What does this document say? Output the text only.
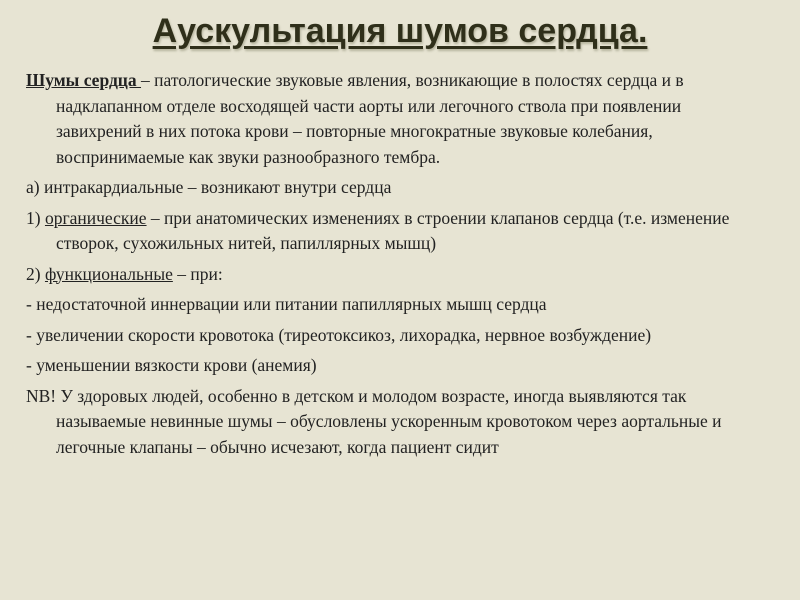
Аускультация шумов сердца.

Шумы сердца – патологические звуковые явления, возникающие в полостях сердца и в надклапанном отделе восходящей части аорты или легочного ствола при появлении завихрений в них потока крови – повторные многократные звуковые колебания, воспринимаемые как звуки разнообразного тембра.

а) интракардиальные – возникают внутри сердца

1) органические – при анатомических изменениях в строении клапанов сердца (т.е. изменение створок, сухожильных нитей, папиллярных мышц)

2) функциональные – при:

- недостаточной иннервации или питании папиллярных мышц сердца

- увеличении скорости кровотока (тиреотоксикоз, лихорадка, нервное возбуждение)

- уменьшении вязкости крови (анемия)

NB! У здоровых людей, особенно в детском и молодом возрасте, иногда выявляются так называемые невинные шумы – обусловлены ускоренным кровотоком через аортальные и легочные клапаны – обычно исчезают, когда пациент сидит
